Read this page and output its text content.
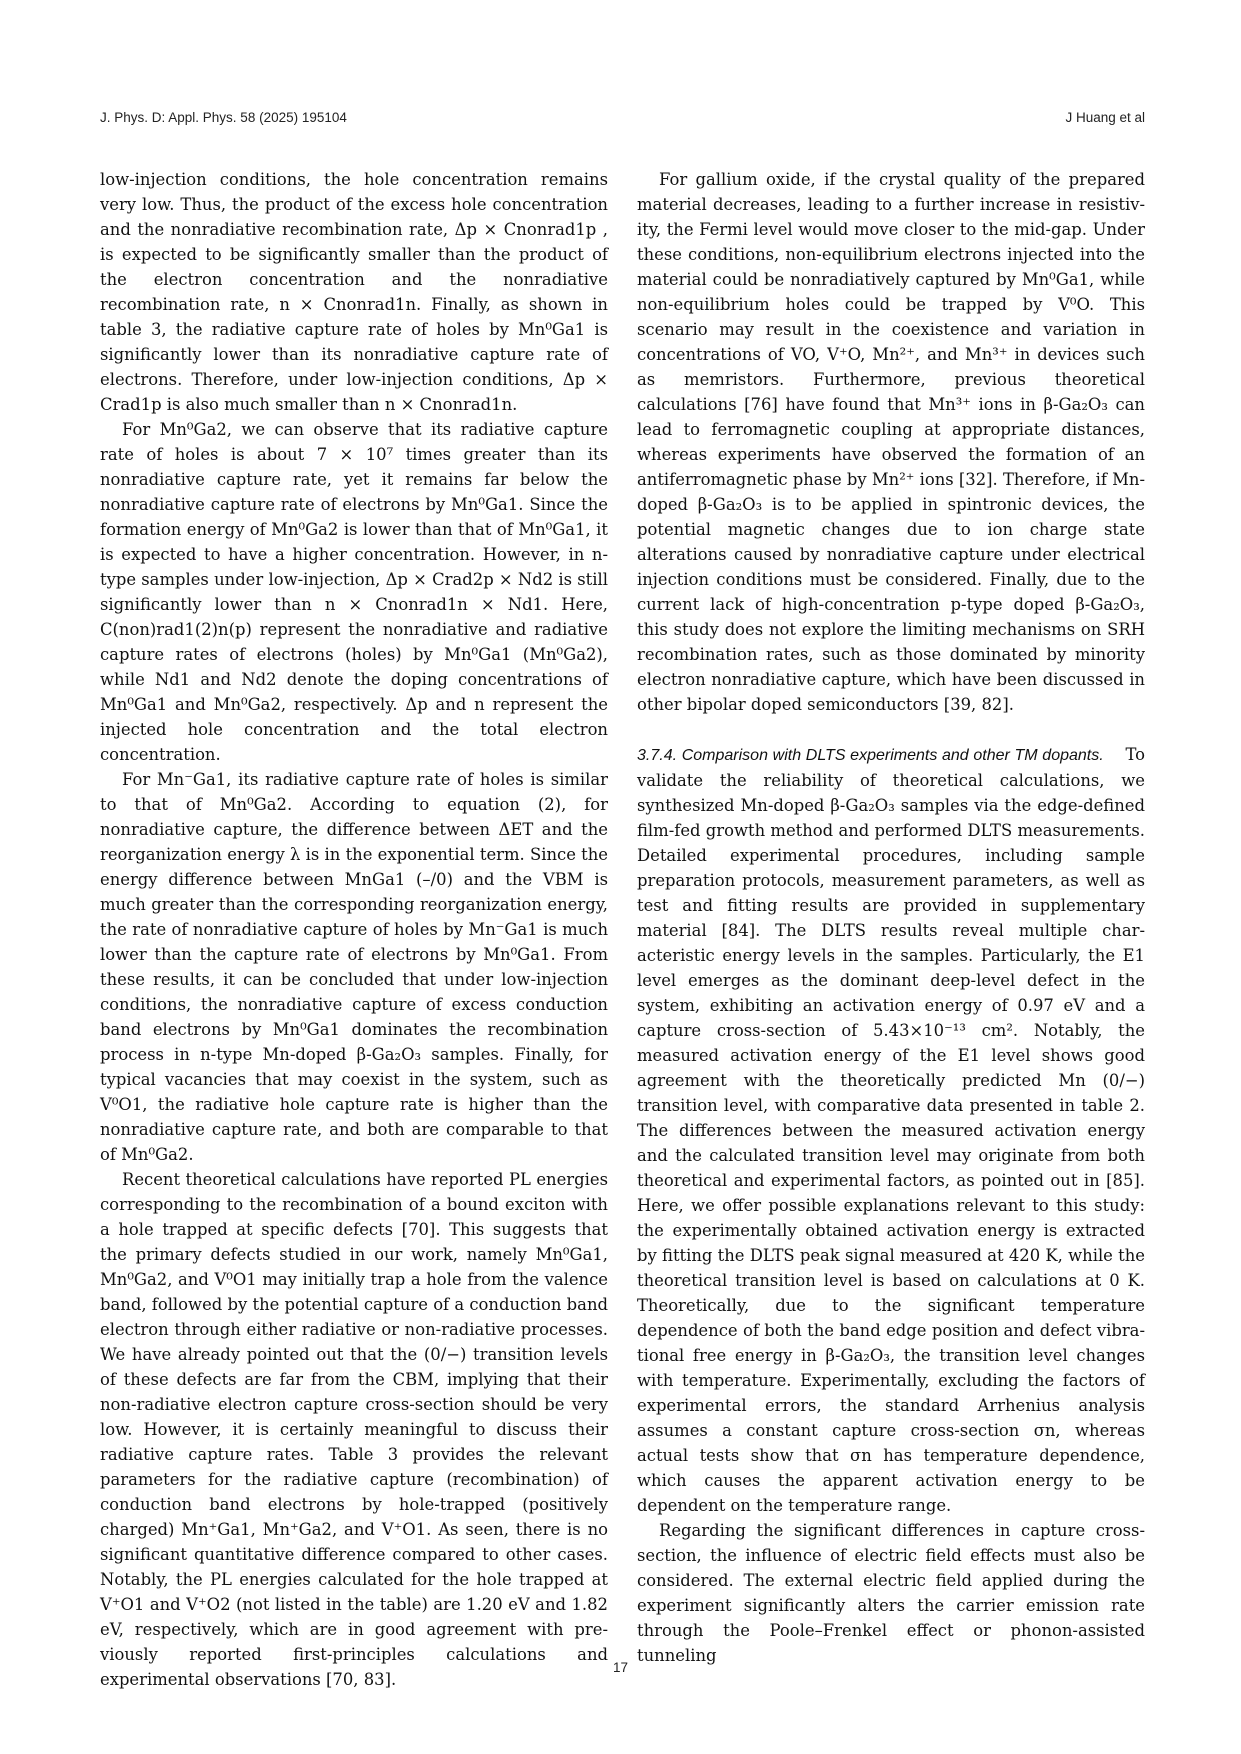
J. Phys. D: Appl. Phys. 58 (2025) 195104	J Huang et al

low-injection conditions, the hole concentration remains very low. Thus, the product of the excess hole concentration and the nonradiative recombination rate, Δp × Cnonrad1p , is expected to be significantly smaller than the product of the electron concentration and the nonradiative recombination rate, n × Cnonrad1n. Finally, as shown in table 3, the radiative capture rate of holes by Mn⁰Ga1 is significantly lower than its nonradiative capture rate of electrons. Therefore, under low-injection conditions, Δp × Crad1p is also much smaller than n × Cnonrad1n.

For Mn⁰Ga2, we can observe that its radiative capture rate of holes is about 7 × 10⁷ times greater than its nonradiative capture rate, yet it remains far below the nonradiative capture rate of electrons by Mn⁰Ga1. Since the formation energy of Mn⁰Ga2 is lower than that of Mn⁰Ga1, it is expected to have a higher concentration. However, in n-type samples under low-injection, Δp × Crad2p × Nd2 is still significantly lower than n × Cnonrad1n × Nd1. Here, C(non)rad1(2)n(p) represent the nonradiative and radiative capture rates of electrons (holes) by Mn⁰Ga1 (Mn⁰Ga2), while Nd1 and Nd2 denote the doping concentrations of Mn⁰Ga1 and Mn⁰Ga2, respectively. Δp and n represent the injected hole concentration and the total electron concentration.

For Mn⁻Ga1, its radiative capture rate of holes is similar to that of Mn⁰Ga2. According to equation (2), for nonradiative capture, the difference between ΔET and the reorganization energy λ is in the exponential term. Since the energy difference between MnGa1 (–/0) and the VBM is much greater than the corresponding reorganization energy, the rate of nonradiative capture of holes by Mn⁻Ga1 is much lower than the capture rate of electrons by Mn⁰Ga1. From these results, it can be concluded that under low-injection conditions, the nonradiative capture of excess conduction band electrons by Mn⁰Ga1 dominates the recombination process in n-type Mn-doped β-Ga₂O₃ samples. Finally, for typical vacancies that may coexist in the system, such as V⁰O1, the radiative hole capture rate is higher than the nonradiative capture rate, and both are comparable to that of Mn⁰Ga2.

Recent theoretical calculations have reported PL energies corresponding to the recombination of a bound exciton with a hole trapped at specific defects [70]. This suggests that the primary defects studied in our work, namely Mn⁰Ga1, Mn⁰Ga2, and V⁰O1 may initially trap a hole from the valence band, followed by the potential capture of a conduction band electron through either radiative or non-radiative processes. We have already pointed out that the (0/−) transition levels of these defects are far from the CBM, implying that their non-radiative electron capture cross-section should be very low. However, it is certainly meaningful to discuss their radiative capture rates. Table 3 provides the relevant parameters for the radiative capture (recombination) of conduction band electrons by hole-trapped (positively charged) Mn⁺Ga1, Mn⁺Ga2, and V⁺O1. As seen, there is no significant quantitative difference compared to other cases. Notably, the PL energies calculated for the hole trapped at V⁺O1 and V⁺O2 (not listed in the table) are 1.20 eV and 1.82 eV, respectively, which are in good agreement with previously reported first-principles calculations and experimental observations [70, 83].

For gallium oxide, if the crystal quality of the prepared material decreases, leading to a further increase in resistivity, the Fermi level would move closer to the mid-gap. Under these conditions, non-equilibrium electrons injected into the material could be nonradiatively captured by Mn⁰Ga1, while non-equilibrium holes could be trapped by V⁰O. This scenario may result in the coexistence and variation in concentrations of VO, V⁺O, Mn²⁺, and Mn³⁺ in devices such as memristors. Furthermore, previous theoretical calculations [76] have found that Mn³⁺ ions in β-Ga₂O₃ can lead to ferromagnetic coupling at appropriate distances, whereas experiments have observed the formation of an antiferromagnetic phase by Mn²⁺ ions [32]. Therefore, if Mn-doped β-Ga₂O₃ is to be applied in spintronic devices, the potential magnetic changes due to ion charge state alterations caused by nonradiative capture under electrical injection conditions must be considered. Finally, due to the current lack of high-concentration p-type doped β-Ga₂O₃, this study does not explore the limiting mechanisms on SRH recombination rates, such as those dominated by minority electron nonradiative capture, which have been discussed in other bipolar doped semiconductors [39, 82].

3.7.4. Comparison with DLTS experiments and other TM dopants. To validate the reliability of theoretical calculations, we synthesized Mn-doped β-Ga₂O₃ samples via the edge-defined film-fed growth method and performed DLTS measurements. Detailed experimental procedures, including sample preparation protocols, measurement parameters, as well as test and fitting results are provided in supplementary material [84]. The DLTS results reveal multiple characteristic energy levels in the samples. Particularly, the E1 level emerges as the dominant deep-level defect in the system, exhibiting an activation energy of 0.97 eV and a capture cross-section of 5.43×10⁻¹³ cm². Notably, the measured activation energy of the E1 level shows good agreement with the theoretically predicted Mn (0/−) transition level, with comparative data presented in table 2. The differences between the measured activation energy and the calculated transition level may originate from both theoretical and experimental factors, as pointed out in [85]. Here, we offer possible explanations relevant to this study: the experimentally obtained activation energy is extracted by fitting the DLTS peak signal measured at 420 K, while the theoretical transition level is based on calculations at 0 K. Theoretically, due to the significant temperature dependence of both the band edge position and defect vibrational free energy in β-Ga₂O₃, the transition level changes with temperature. Experimentally, excluding the factors of experimental errors, the standard Arrhenius analysis assumes a constant capture cross-section σn, whereas actual tests show that σn has temperature dependence, which causes the apparent activation energy to be dependent on the temperature range.

Regarding the significant differences in capture cross-section, the influence of electric field effects must also be considered. The external electric field applied during the experiment significantly alters the carrier emission rate through the Poole–Frenkel effect or phonon-assisted tunneling

17
